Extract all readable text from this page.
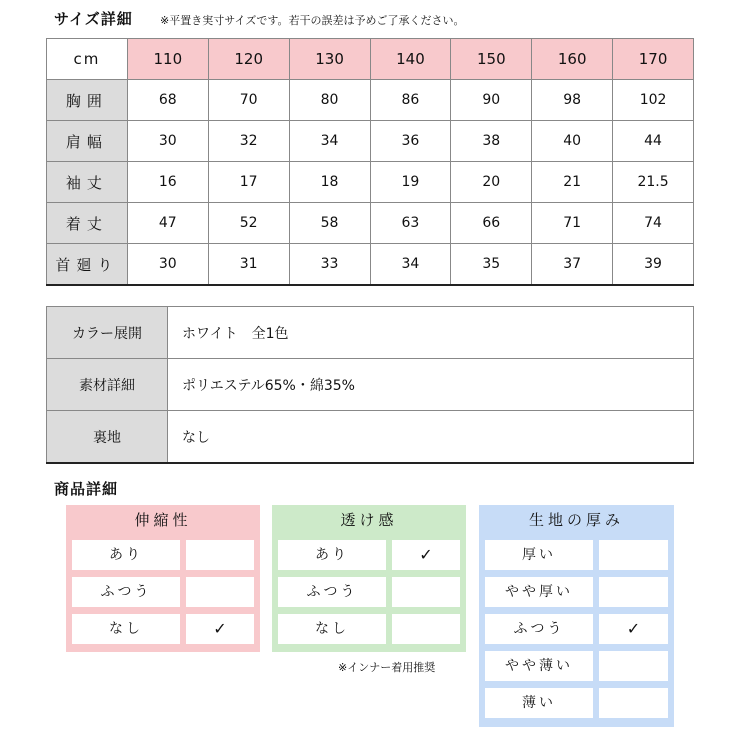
サイズ詳細 ※平置き実寸サイズです。若干の誤差は予めご了承ください。
cm	110	120	130	140	150	160	170
胸囲	68	70	80	86	90	98	102
肩幅	30	32	34	36	38	40	44
袖丈	16	17	18	19	20	21	21.5
着丈	47	52	58	63	66	71	74
首廻り	30	31	33	34	35	37	39
カラー展開	ホワイト　全1色
素材詳細	ポリエステル65%・綿35%
裏地	なし
商品詳細
伸縮性
あり
ふつう
なし	✓
透け感
あり	✓
ふつう
なし
生地の厚み
厚い
やや厚い
ふつう	✓
やや薄い
薄い
※インナー着用推奨
